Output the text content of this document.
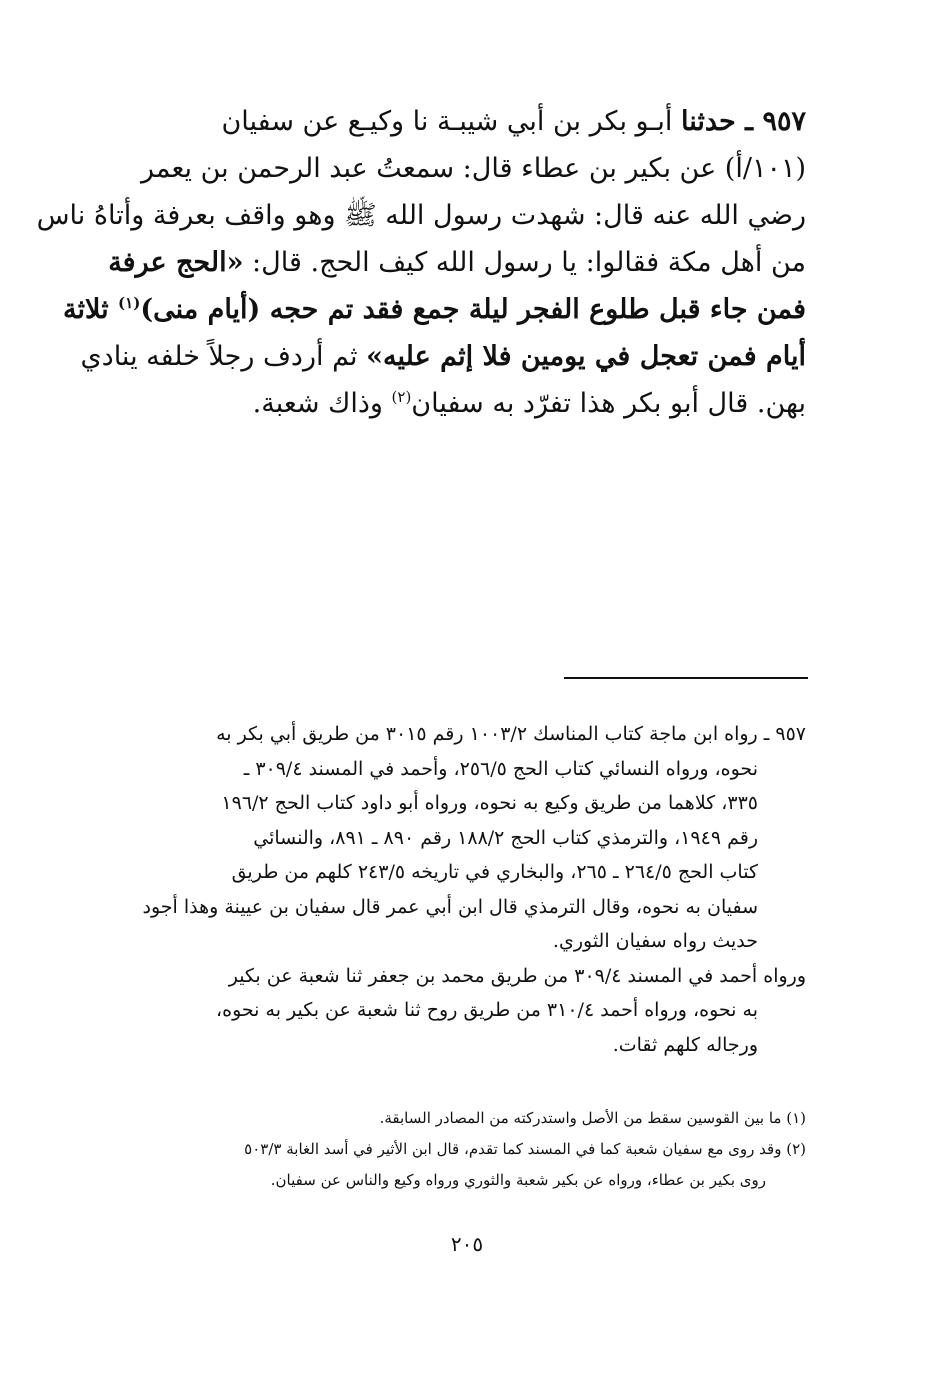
٩٥٧ ـ حدثنا أبـو بكر بن أبي شيبـة نا وكيـع عن سفيان
(١٠١/أ) عن بكير بن عطاء قال: سمعتُ عبد الرحمن بن يعمر
رضي الله عنه قال: شهدت رسول الله ﷺ وهو واقف بعرفة وأتاهُ ناس
من أهل مكة فقالوا: يا رسول الله كيف الحج. قال: «الحج عرفة
فمن جاء قبل طلوع الفجر ليلة جمع فقد تم حجه (أيام منى)$^{(١)}$ ثلاثة
أيام فمن تعجل في يومين فلا إثم عليه» ثم أردف رجلاً خلفه ينادي
بهن. قال أبو بكر هذا تفرّد به سفيان$^{(٢)}$ وذاك شعبة.
٩٥٧ ـ رواه ابن ماجة كتاب المناسك ١٠٠٣/٢ رقم ٣٠١٥ من طريق أبي بكر به
نحوه، ورواه النسائي كتاب الحج ٢٥٦/٥، وأحمد في المسند ٣٠٩/٤ ـ
٣٣٥، كلاهما من طريق وكيع به نحوه، ورواه أبو داود كتاب الحج ١٩٦/٢
رقم ١٩٤٩، والترمذي كتاب الحج ١٨٨/٢ رقم ٨٩٠ ـ ٨٩١، والنسائي
كتاب الحج ٢٦٤/٥ ـ ٢٦٥، والبخاري في تاريخه ٢٤٣/٥ كلهم من طريق
سفيان به نحوه، وقال الترمذي قال ابن أبي عمر قال سفيان بن عيينة وهذا أجود
حديث رواه سفيان الثوري.
ورواه أحمد في المسند ٣٠٩/٤ من طريق محمد بن جعفر ثنا شعبة عن بكير
به نحوه، ورواه أحمد ٣١٠/٤ من طريق روح ثنا شعبة عن بكير به نحوه،
ورجاله كلهم ثقات.
(١) ما بين القوسين سقط من الأصل واستدركته من المصادر السابقة.
(٢) وقد روى مع سفيان شعبة كما في المسند كما تقدم، قال ابن الأثير في أسد الغابة ٥٠٣/٣
روى بكير بن عطاء، ورواه عن بكير شعبة والثوري ورواه وكيع والناس عن سفيان.
٢٠٥
